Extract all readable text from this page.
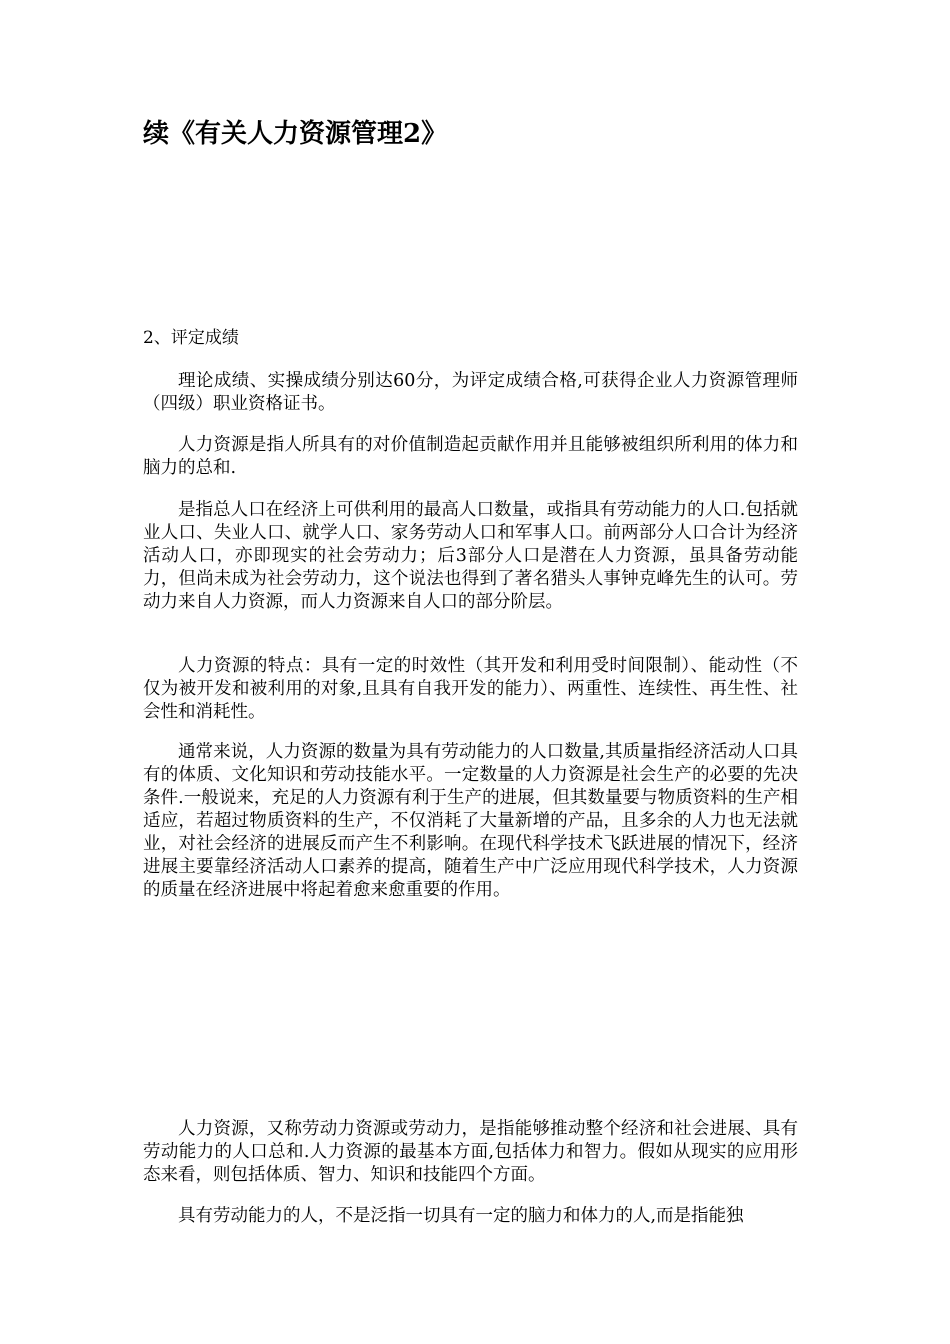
续《有关人力资源管理2》

2、评定成绩

理论成绩、实操成绩分别达60分，为评定成绩合格,可获得企业人力资源管理师（四级）职业资格证书。

人力资源是指人所具有的对价值制造起贡献作用并且能够被组织所利用的体力和脑力的总和.

是指总人口在经济上可供利用的最高人口数量，或指具有劳动能力的人口.包括就业人口、失业人口、就学人口、家务劳动人口和军事人口。前两部分人口合计为经济活动人口，亦即现实的社会劳动力；后3部分人口是潜在人力资源，虽具备劳动能力，但尚未成为社会劳动力，这个说法也得到了著名猎头人事钟克峰先生的认可。劳动力来自人力资源，而人力资源来自人口的部分阶层。

人力资源的特点：具有一定的时效性（其开发和利用受时间限制）、能动性（不仅为被开发和被利用的对象,且具有自我开发的能力）、两重性、连续性、再生性、社会性和消耗性。

通常来说，人力资源的数量为具有劳动能力的人口数量,其质量指经济活动人口具有的体质、文化知识和劳动技能水平。一定数量的人力资源是社会生产的必要的先决条件.一般说来，充足的人力资源有利于生产的进展，但其数量要与物质资料的生产相适应，若超过物质资料的生产，不仅消耗了大量新增的产品，且多余的人力也无法就业，对社会经济的进展反而产生不利影响。在现代科学技术飞跃进展的情况下，经济进展主要靠经济活动人口素养的提高，随着生产中广泛应用现代科学技术，人力资源的质量在经济进展中将起着愈来愈重要的作用。

人力资源，又称劳动力资源或劳动力，是指能够推动整个经济和社会进展、具有劳动能力的人口总和.人力资源的最基本方面,包括体力和智力。假如从现实的应用形态来看，则包括体质、智力、知识和技能四个方面。

具有劳动能力的人，不是泛指一切具有一定的脑力和体力的人,而是指能独
